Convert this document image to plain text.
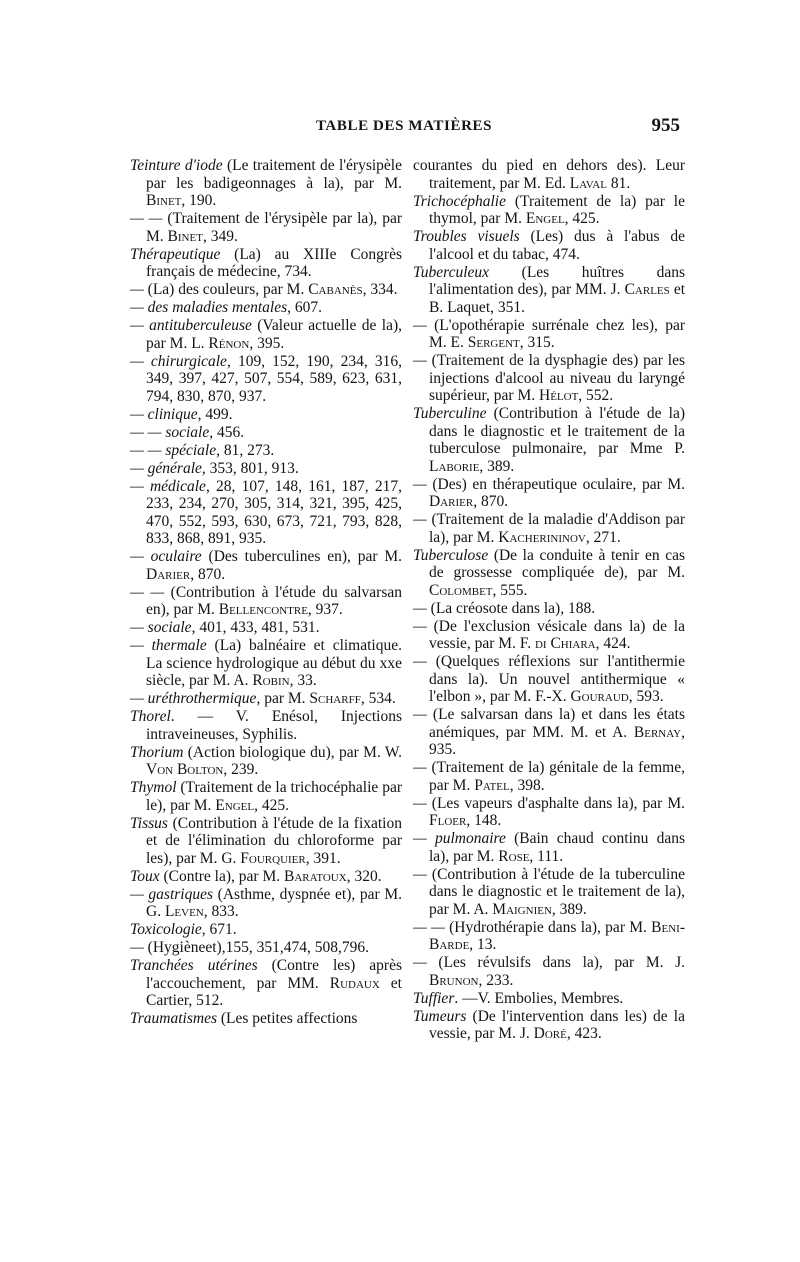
TABLE DES MATIÈRES	955
Teinture d'iode (Le traitement de l'érysipèle par les badigeonnages à la), par M. Binet, 190.
— — (Traitement de l'érysipèle par la), par M. Binet, 349.
Thérapeutique (La) au XIIIe Congrès français de médecine, 734.
— (La) des couleurs, par M. Cabanès, 334.
— des maladies mentales, 607.
— antituberculeuse (Valeur actuelle de la), par M. L. Rénon, 395.
— chirurgicale, 109, 152, 190, 234, 316, 349, 397, 427, 507, 554, 589, 623, 631, 794, 830, 870, 937.
— clinique, 499.
— — sociale, 456.
— — spéciale, 81, 273.
— générale, 353, 801, 913.
— médicale, 28, 107, 148, 161, 187, 217, 233, 234, 270, 305, 314, 321, 395, 425, 470, 552, 593, 630, 673, 721, 793, 828, 833, 868, 891, 935.
— oculaire (Des tuberculines en), par M. Darier, 870.
— — (Contribution à l'étude du salvarsan en), par M. Bellencontre, 937.
— sociale, 401, 433, 481, 531.
— thermale (La) balnéaire et climatique. La science hydrologique au début du xxe siècle, par M. A. Robin, 33.
— uréthrothermique, par M. Scharff, 534.
Thorel. — V. Enésol, Injections intraveineuses, Syphilis.
Thorium (Action biologique du), par M. W. Von Bolton, 239.
Thymol (Traitement de la trichocéphalie par le), par M. Engel, 425.
Tissus (Contribution à l'étude de la fixation et de l'élimination du chloroforme par les), par M. G. Fourquier, 391.
Toux (Contre la), par M. Baratoux, 320.
— gastriques (Asthme, dyspnée et), par M. G. Leven, 833.
Toxicologie, 671.
— (Hygièneet),155, 351,474, 508,796.
Tranchées utérines (Contre les) après l'accouchement, par MM. Rudaux et Cartier, 512.
Traumatismes (Les petites affections
courantes du pied en dehors des). Leur traitement, par M. Ed. Laval 81.
Trichocéphalie (Traitement de la) par le thymol, par M. Engel, 425.
Troubles visuels (Les) dus à l'abus de l'alcool et du tabac, 474.
Tuberculeux (Les huîtres dans l'alimentation des), par MM. J. Carles et B. Laquet, 351.
— (L'opothérapie surrénale chez les), par M. E. Sergent, 315.
— (Traitement de la dysphagie des) par les injections d'alcool au niveau du laryngé supérieur, par M. Hélot, 552.
Tuberculine (Contribution à l'étude de la) dans le diagnostic et le traitement de la tuberculose pulmonaire, par Mme P. Laborie, 389.
— (Des) en thérapeutique oculaire, par M. Darier, 870.
— (Traitement de la maladie d'Addison par la), par M. Kacherininov, 271.
Tuberculose (De la conduite à tenir en cas de grossesse compliquée de), par M. Colombet, 555.
— (La créosote dans la), 188.
— (De l'exclusion vésicale dans la) de la vessie, par M. F. di Chiara, 424.
— (Quelques réflexions sur l'antithermie dans la). Un nouvel antithermique « l'elbon », par M. F.-X. Gouraud, 593.
— (Le salvarsan dans la) et dans les états anémiques, par MM. M. et A. Bernay, 935.
— (Traitement de la) génitale de la femme, par M. Patel, 398.
— (Les vapeurs d'asphalte dans la), par M. Floer, 148.
— pulmonaire (Bain chaud continu dans la), par M. Rose, 111.
— (Contribution à l'étude de la tuberculine dans le diagnostic et le traitement de la), par M. A. Maignien, 389.
— — (Hydrothérapie dans la), par M. Beni-Barde, 13.
— (Les révulsifs dans la), par M. J. Brunon, 233.
Tuffier. —V. Embolies, Membres.
Tumeurs (De l'intervention dans les) de la vessie, par M. J. Doré, 423.
